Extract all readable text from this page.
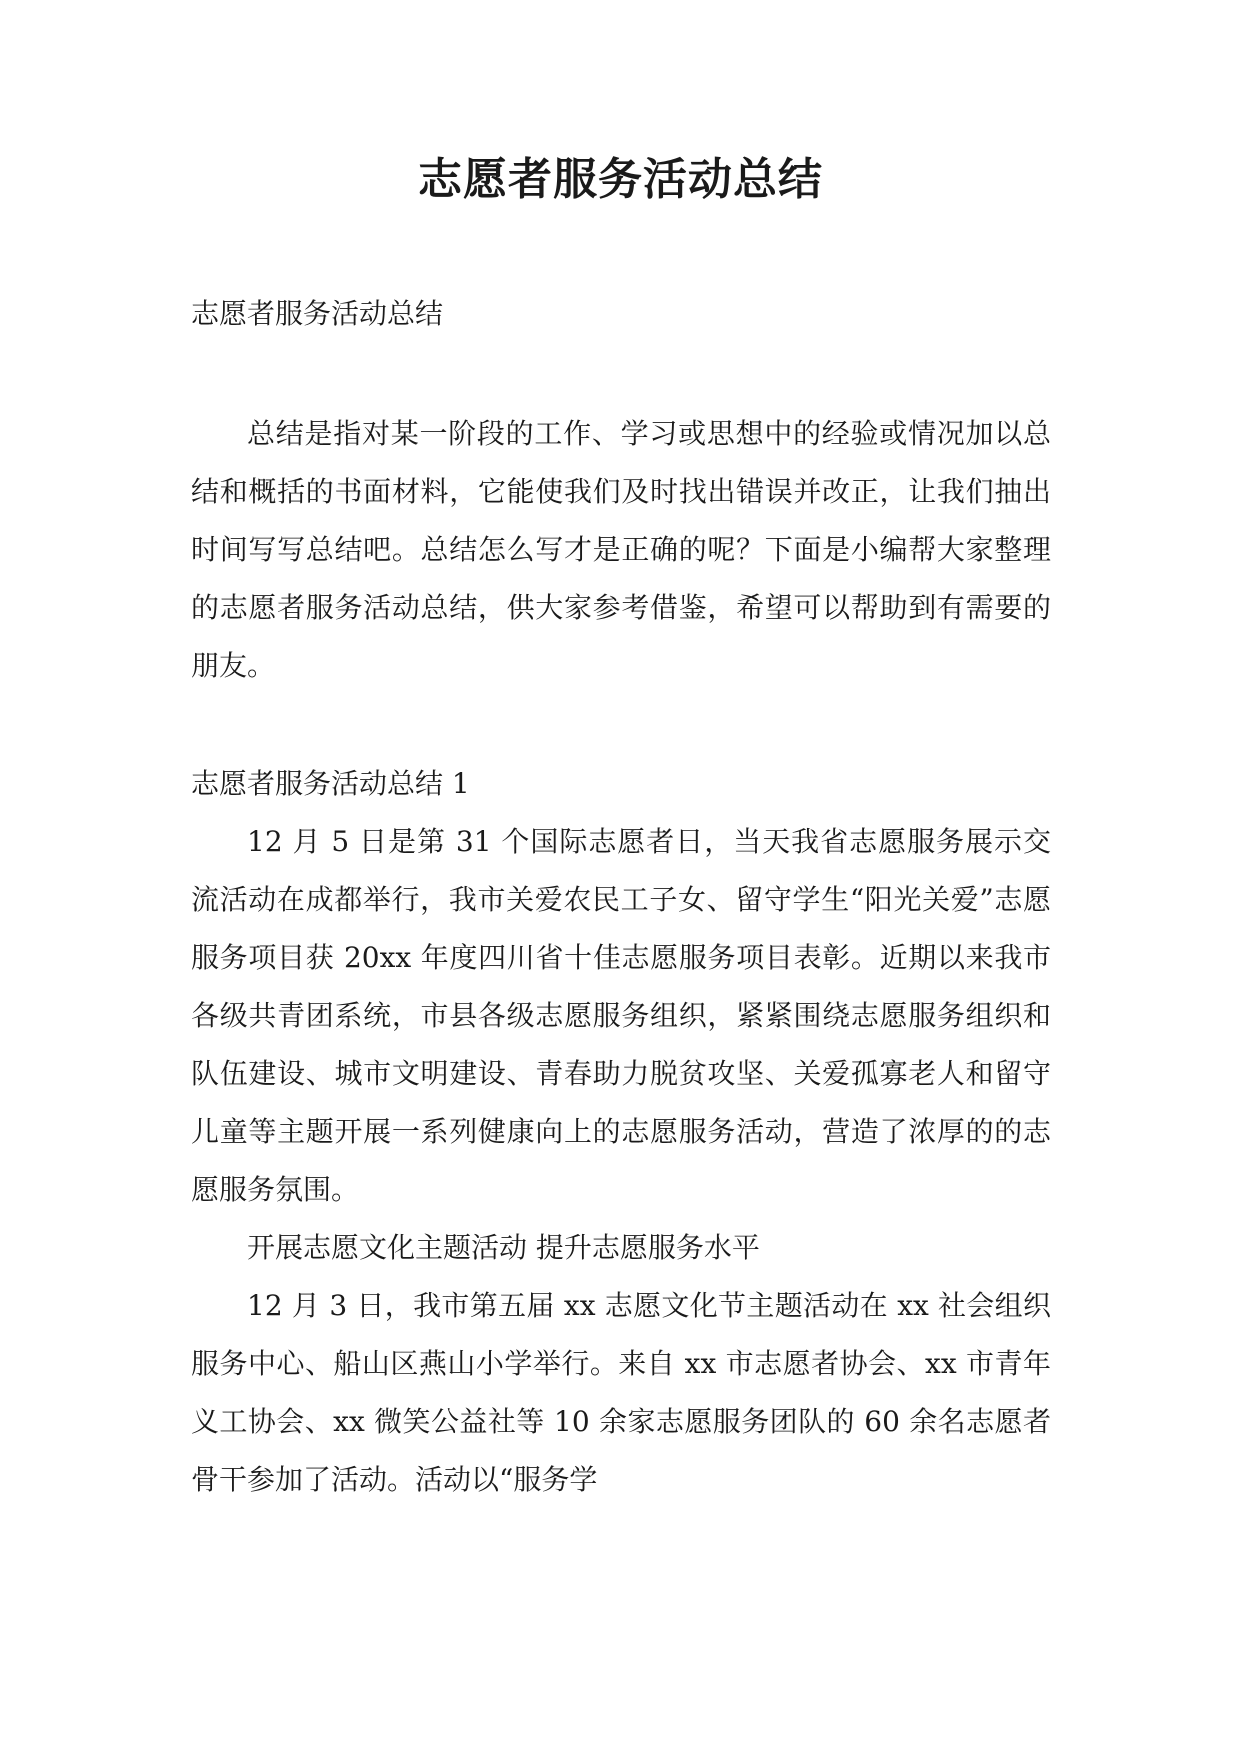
志愿者服务活动总结

志愿者服务活动总结

总结是指对某一阶段的工作、学习或思想中的经验或情况加以总结和概括的书面材料，它能使我们及时找出错误并改正，让我们抽出时间写写总结吧。总结怎么写才是正确的呢？下面是小编帮大家整理的志愿者服务活动总结，供大家参考借鉴，希望可以帮助到有需要的朋友。

志愿者服务活动总结 1

12 月 5 日是第 31 个国际志愿者日，当天我省志愿服务展示交流活动在成都举行，我市关爱农民工子女、留守学生“阳光关爱”志愿服务项目获 20xx 年度四川省十佳志愿服务项目表彰。近期以来我市各级共青团系统，市县各级志愿服务组织，紧紧围绕志愿服务组织和队伍建设、城市文明建设、青春助力脱贫攻坚、关爱孤寡老人和留守儿童等主题开展一系列健康向上的志愿服务活动，营造了浓厚的的志愿服务氛围。

开展志愿文化主题活动 提升志愿服务水平

12 月 3 日，我市第五届 xx 志愿文化节主题活动在 xx 社会组织服务中心、船山区燕山小学举行。来自 xx 市志愿者协会、xx 市青年义工协会、xx 微笑公益社等 10 余家志愿服务团队的 60 余名志愿者骨干参加了活动。活动以“服务学
